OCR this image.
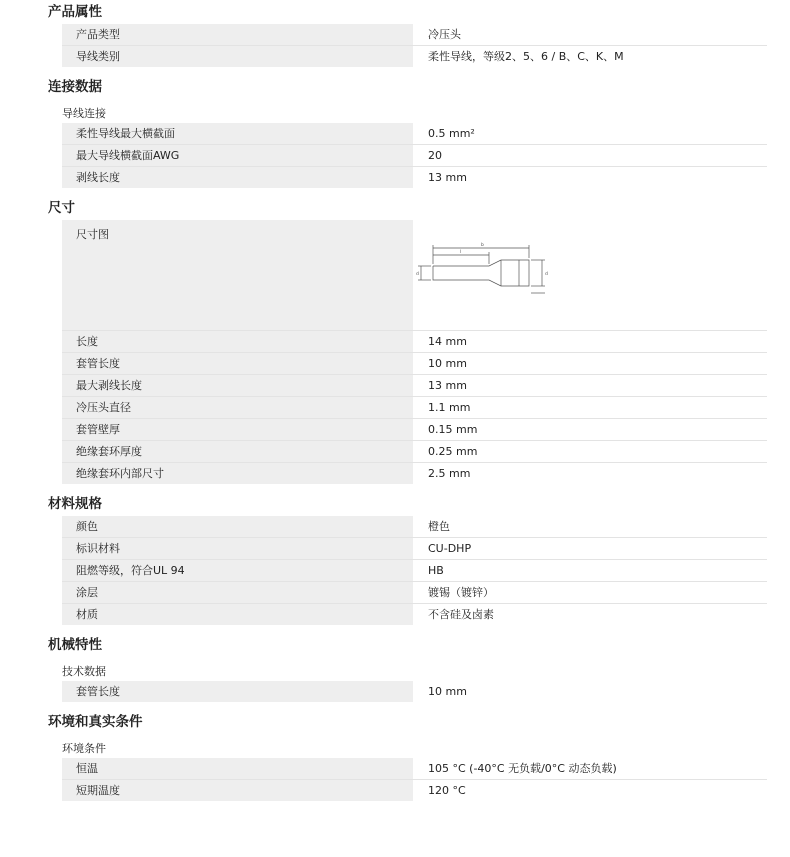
产品属性
产品类型	冷压头
导线类别	柔性导线，等级2、5、6 / B、C、K、M
连接数据
导线连接
柔性导线最大横截面	0.5 mm²
最大导线横截面AWG	20
剥线长度	13 mm
尺寸
尺寸图
b
l
d	d
长度	14 mm
套管长度	10 mm
最大剥线长度	13 mm
冷压头直径	1.1 mm
套管壁厚	0.15 mm
绝缘套环厚度	0.25 mm
绝缘套环内部尺寸	2.5 mm
材料规格
颜色	橙色
标识材料	CU-DHP
阻燃等级，符合UL 94	HB
涂层	镀锡（镀锌）
材质	不含硅及卤素
机械特性
技术数据
套管长度	10 mm
环境和真实条件
环境条件
恒温	105 °C (-40°C 无负载/0°C 动态负载)
短期温度	120 °C
